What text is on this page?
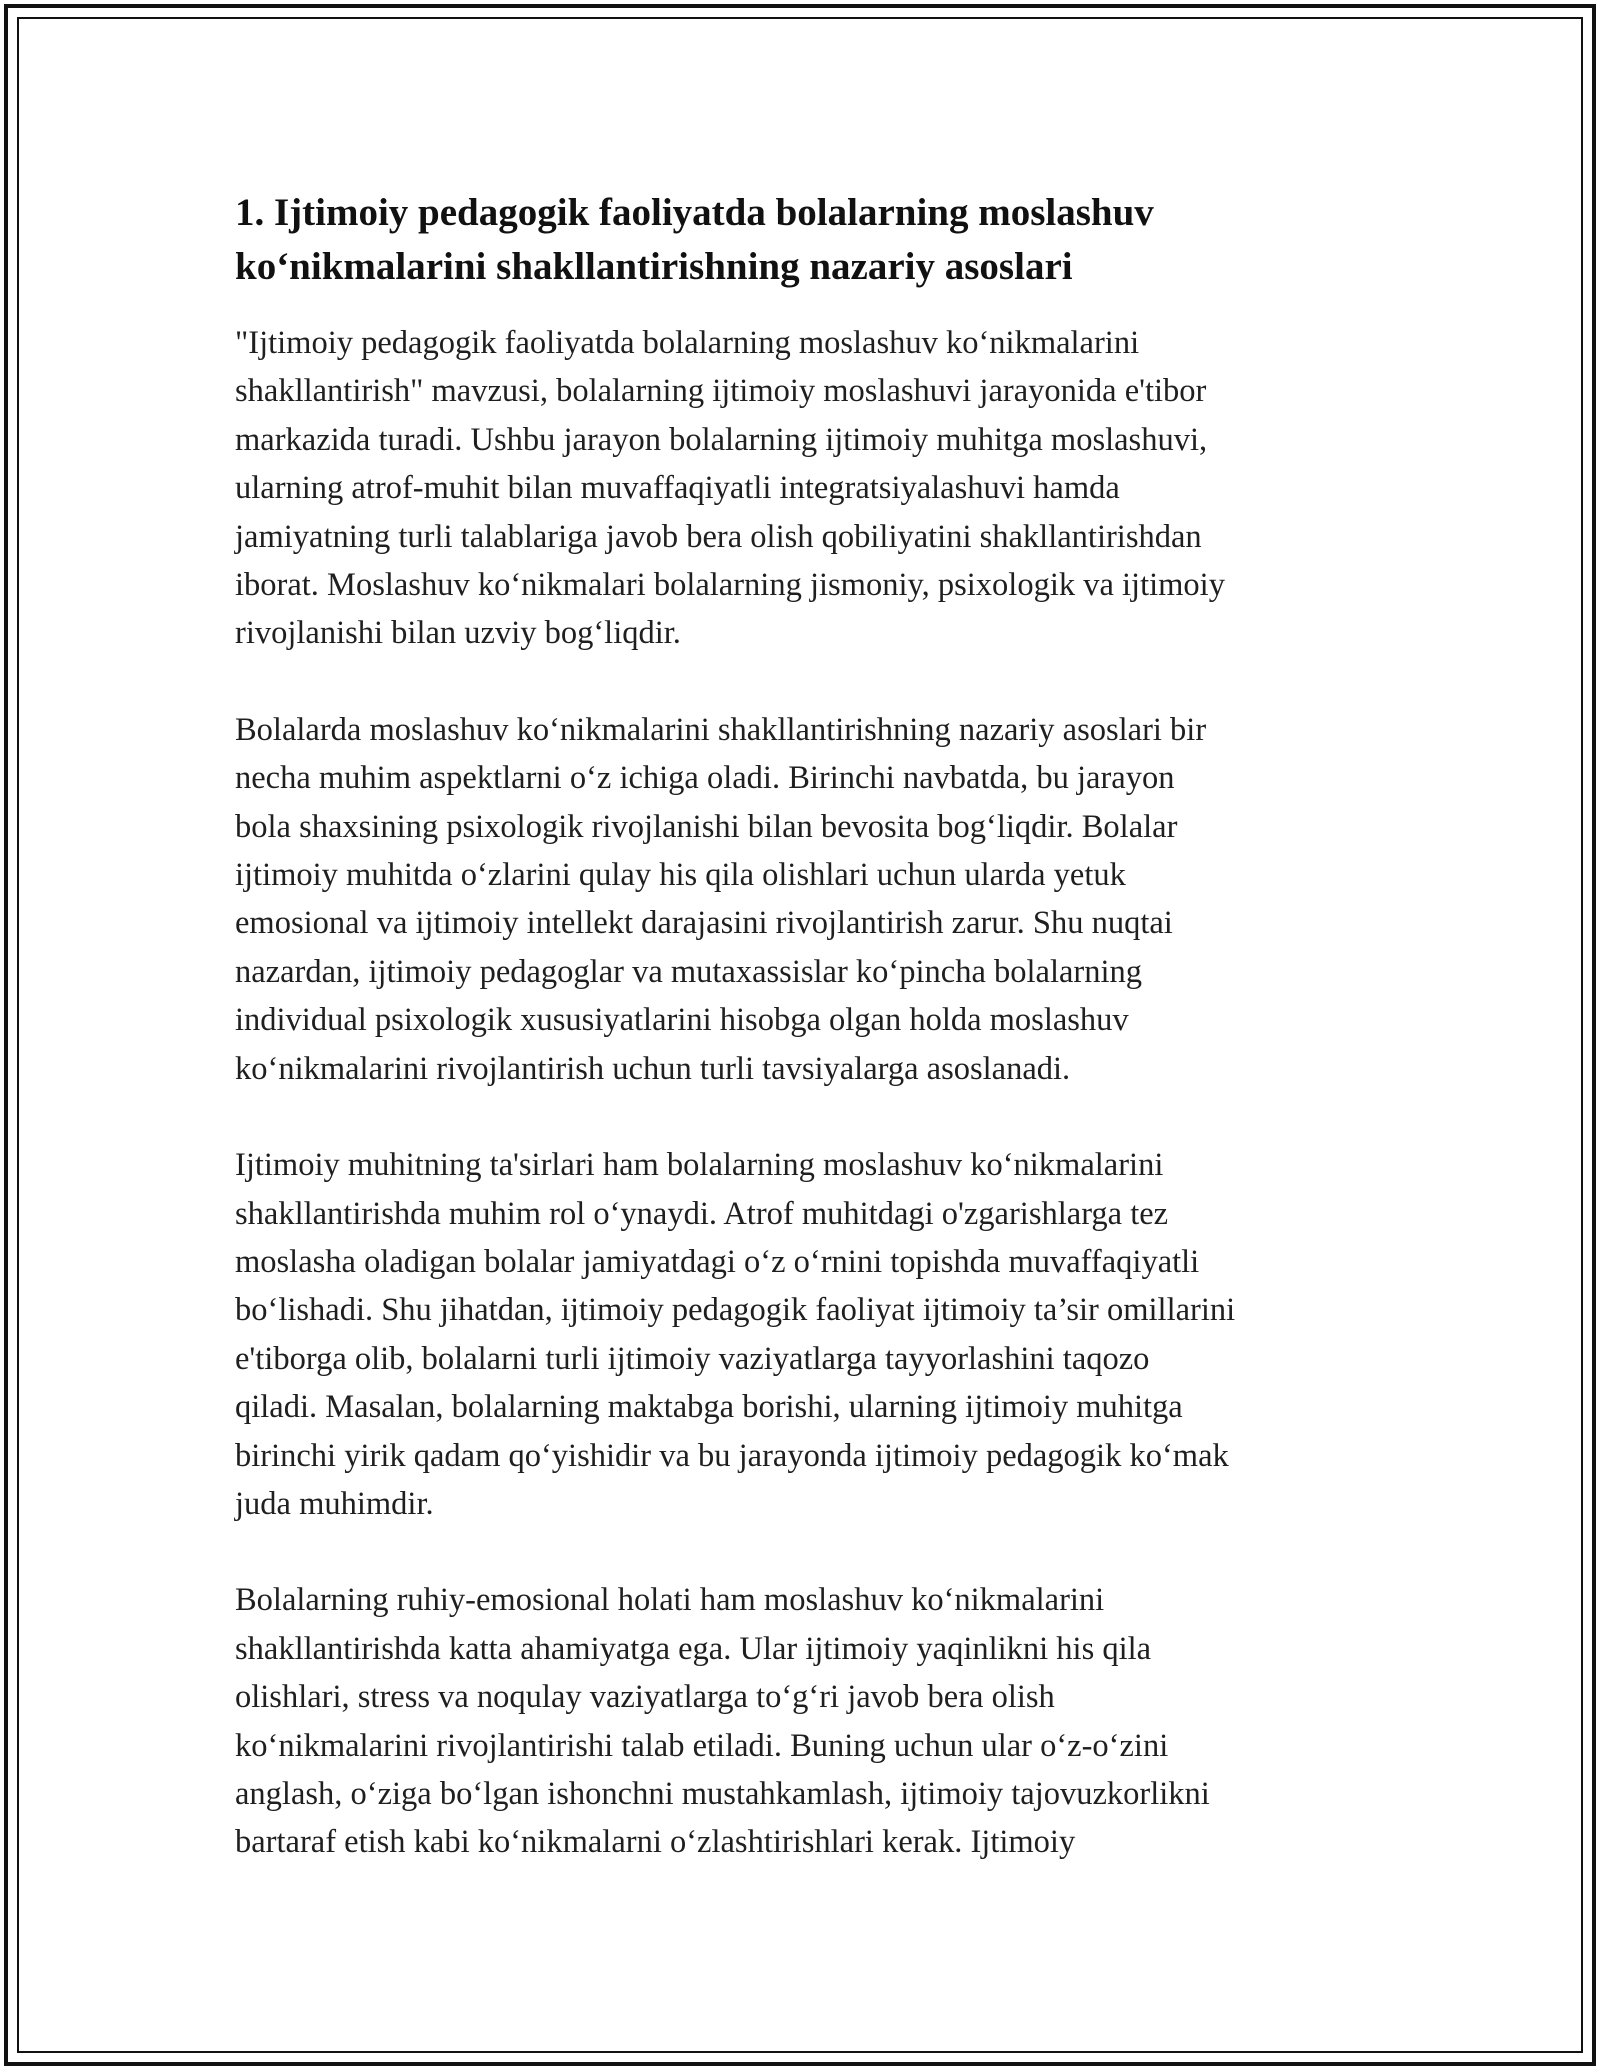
1. Ijtimoiy pedagogik faoliyatda bolalarning moslashuv
ko‘nikmalarini shakllantirishning nazariy asoslari

"Ijtimoiy pedagogik faoliyatda bolalarning moslashuv ko‘nikmalarini
shakllantirish" mavzusi, bolalarning ijtimoiy moslashuvi jarayonida e'tibor
markazida turadi. Ushbu jarayon bolalarning ijtimoiy muhitga moslashuvi,
ularning atrof-muhit bilan muvaffaqiyatli integratsiyalashuvi hamda
jamiyatning turli talablariga javob bera olish qobiliyatini shakllantirishdan
iborat. Moslashuv ko‘nikmalari bolalarning jismoniy, psixologik va ijtimoiy
rivojlanishi bilan uzviy bog‘liqdir.

Bolalarda moslashuv ko‘nikmalarini shakllantirishning nazariy asoslari bir
necha muhim aspektlarni o‘z ichiga oladi. Birinchi navbatda, bu jarayon
bola shaxsining psixologik rivojlanishi bilan bevosita bog‘liqdir. Bolalar
ijtimoiy muhitda o‘zlarini qulay his qila olishlari uchun ularda yetuk
emosional va ijtimoiy intellekt darajasini rivojlantirish zarur. Shu nuqtai
nazardan, ijtimoiy pedagoglar va mutaxassislar ko‘pincha bolalarning
individual psixologik xususiyatlarini hisobga olgan holda moslashuv
ko‘nikmalarini rivojlantirish uchun turli tavsiyalarga asoslanadi.

Ijtimoiy muhitning ta'sirlari ham bolalarning moslashuv ko‘nikmalarini
shakllantirishda muhim rol o‘ynaydi. Atrof muhitdagi o'zgarishlarga tez
moslasha oladigan bolalar jamiyatdagi o‘z o‘rnini topishda muvaffaqiyatli
bo‘lishadi. Shu jihatdan, ijtimoiy pedagogik faoliyat ijtimoiy ta’sir omillarini
e'tiborga olib, bolalarni turli ijtimoiy vaziyatlarga tayyorlashini taqozo
qiladi. Masalan, bolalarning maktabga borishi, ularning ijtimoiy muhitga
birinchi yirik qadam qo‘yishidir va bu jarayonda ijtimoiy pedagogik ko‘mak
juda muhimdir.

Bolalarning ruhiy-emosional holati ham moslashuv ko‘nikmalarini
shakllantirishda katta ahamiyatga ega. Ular ijtimoiy yaqinlikni his qila
olishlari, stress va noqulay vaziyatlarga to‘g‘ri javob bera olish
ko‘nikmalarini rivojlantirishi talab etiladi. Buning uchun ular o‘z-o‘zini
anglash, o‘ziga bo‘lgan ishonchni mustahkamlash, ijtimoiy tajovuzkorlikni
bartaraf etish kabi ko‘nikmalarni o‘zlashtirishlari kerak. Ijtimoiy
